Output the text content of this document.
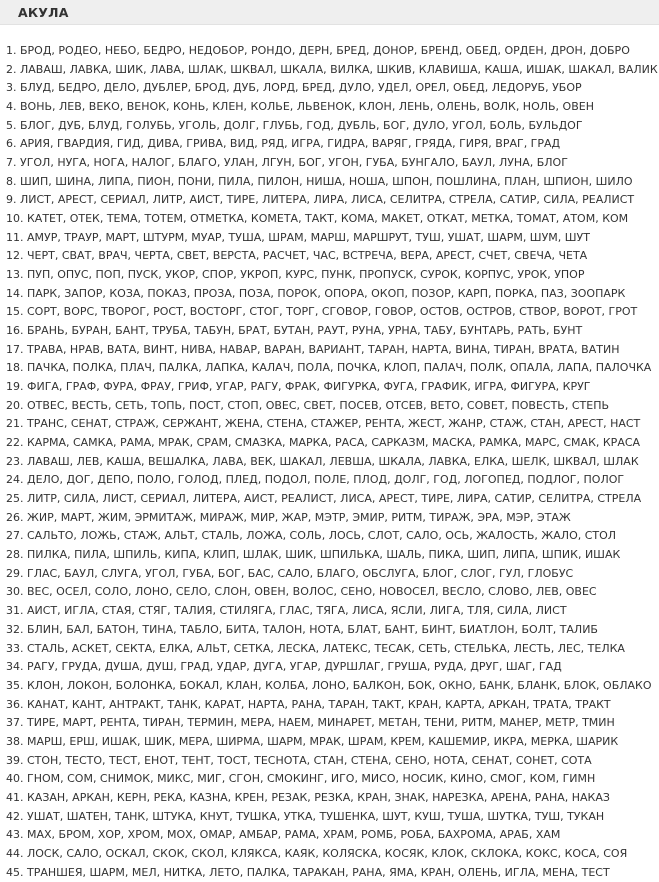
АКУЛА
1. БРОД, РОДЕО, НЕБО, БЕДРО, НЕДОБОР, РОНДО, ДЕРН, БРЕД, ДОНОР, БРЕНД, ОБЕД, ОРДЕН, ДРОН, ДОБРО
2. ЛАВАШ, ЛАВКА, ШИК, ЛАВА, ШЛАК, ШКВАЛ, ШКАЛА, ВИЛКА, ШКИВ, КЛАВИША, КАША, ИШАК, ШАКАЛ, ВАЛИК
3. БЛУД, БЕДРО, ДЕЛО, ДУБЛЕР, БРОД, ДУБ, ЛОРД, БРЕД, ДУЛО, УДЕЛ, ОРЕЛ, ОБЕД, ЛЕДОРУБ, УБОР
4. ВОНЬ, ЛЕВ, ВЕКО, ВЕНОК, КОНЬ, КЛЕН, КОЛЬЕ, ЛЬВЕНОК, КЛОН, ЛЕНЬ, ОЛЕНЬ, ВОЛК, НОЛЬ, ОВЕН
5. БЛОГ, ДУБ, БЛУД, ГОЛУБЬ, УГОЛЬ, ДОЛГ, ГЛУБЬ, ГОД, ДУБЛЬ, БОГ, ДУЛО, УГОЛ, БОЛЬ, БУЛЬДОГ
6. АРИЯ, ГВАРДИЯ, ГИД, ДИВА, ГРИВА, ВИД, РЯД, ИГРА, ГИДРА, ВАРЯГ, ГРЯДА, ГИРЯ, ВРАГ, ГРАД
7. УГОЛ, НУГА, НОГА, НАЛОГ, БЛАГО, УЛАН, ЛГУН, БОГ, УГОН, ГУБА, БУНГАЛО, БАУЛ, ЛУНА, БЛОГ
8. ШИП, ШИНА, ЛИПА, ПИОН, ПОНИ, ПИЛА, ПИЛОН, НИША, НОША, ШПОН, ПОШЛИНА, ПЛАН, ШПИОН, ШИЛО
9. ЛИСТ, АРЕСТ, СЕРИАЛ, ЛИТР, АИСТ, ТИРЕ, ЛИТЕРА, ЛИРА, ЛИСА, СЕЛИТРА, СТРЕЛА, САТИР, СИЛА, РЕАЛИСТ
10. КАТЕТ, ОТЕК, ТЕМА, ТОТЕМ, ОТМЕТКА, КОМЕТА, ТАКТ, КОМА, МАКЕТ, ОТКАТ, МЕТКА, ТОМАТ, АТОМ, КОМ
11. АМУР, ТРАУР, МАРТ, ШТУРМ, МУАР, ТУША, ШРАМ, МАРШ, МАРШРУТ, ТУШ, УШАТ, ШАРМ, ШУМ, ШУТ
12. ЧЕРТ, СВАТ, ВРАЧ, ЧЕРТА, СВЕТ, ВЕРСТА, РАСЧЕТ, ЧАС, ВСТРЕЧА, ВЕРА, АРЕСТ, СЧЕТ, СВЕЧА, ЧЕТА
13. ПУП, ОПУС, ПОП, ПУСК, УКОР, СПОР, УКРОП, КУРС, ПУНК, ПРОПУСК, СУРОК, КОРПУС, УРОК, УПОР
14. ПАРК, ЗАПОР, КОЗА, ПОКАЗ, ПРОЗА, ПОЗА, ПОРОК, ОПОРА, ОКОП, ПОЗОР, КАРП, ПОРКА, ПАЗ, ЗООПАРК
15. СОРТ, ВОРС, ТВОРОГ, РОСТ, ВОСТОРГ, СТОГ, ТОРГ, СГОВОР, ГОВОР, ОСТОВ, ОСТРОВ, СТВОР, ВОРОТ, ГРОТ
16. БРАНЬ, БУРАН, БАНТ, ТРУБА, ТАБУН, БРАТ, БУТАН, РАУТ, РУНА, УРНА, ТАБУ, БУНТАРЬ, РАТЬ, БУНТ
17. ТРАВА, НРАВ, ВАТА, ВИНТ, НИВА, НАВАР, ВАРАН, ВАРИАНТ, ТАРАН, НАРТА, ВИНА, ТИРАН, ВРАТА, ВАТИН
18. ПАЧКА, ПОЛКА, ПЛАЧ, ПАЛКА, ЛАПКА, КАЛАЧ, ПОЛА, ПОЧКА, КЛОП, ПАЛАЧ, ПОЛК, ОПАЛА, ЛАПА, ПАЛОЧКА
19. ФИГА, ГРАФ, ФУРА, ФРАУ, ГРИФ, УГАР, РАГУ, ФРАК, ФИГУРКА, ФУГА, ГРАФИК, ИГРА, ФИГУРА, КРУГ
20. ОТВЕС, ВЕСТЬ, СЕТЬ, ТОПЬ, ПОСТ, СТОП, ОВЕС, СВЕТ, ПОСЕВ, ОТСЕВ, ВЕТО, СОВЕТ, ПОВЕСТЬ, СТЕПЬ
21. ТРАНС, СЕНАТ, СТРАЖ, СЕРЖАНТ, ЖЕНА, СТЕНА, СТАЖЕР, РЕНТА, ЖЕСТ, ЖАНР, СТАЖ, СТАН, АРЕСТ, НАСТ
22. КАРМА, САМКА, РАМА, МРАК, СРАМ, СМАЗКА, МАРКА, РАСА, САРКАЗМ, МАСКА, РАМКА, МАРС, СМАК, КРАСА
23. ЛАВАШ, ЛЕВ, КАША, ВЕШАЛКА, ЛАВА, ВЕК, ШАКАЛ, ЛЕВША, ШКАЛА, ЛАВКА, ЕЛКА, ШЕЛК, ШКВАЛ, ШЛАК
24. ДЕЛО, ДОГ, ДЕПО, ПОЛО, ГОЛОД, ПЛЕД, ПОДОЛ, ПОЛЕ, ПЛОД, ДОЛГ, ГОД, ЛОГОПЕД, ПОДЛОГ, ПОЛОГ
25. ЛИТР, СИЛА, ЛИСТ, СЕРИАЛ, ЛИТЕРА, АИСТ, РЕАЛИСТ, ЛИСА, АРЕСТ, ТИРЕ, ЛИРА, САТИР, СЕЛИТРА, СТРЕЛА
26. ЖИР, МАРТ, ЖИМ, ЭРМИТАЖ, МИРАЖ, МИР, ЖАР, МЭТР, ЭМИР, РИТМ, ТИРАЖ, ЭРА, МЭР, ЭТАЖ
27. САЛЬТО, ЛОЖЬ, СТАЖ, АЛЬТ, СТАЛЬ, ЛОЖА, СОЛЬ, ЛОСЬ, СЛОТ, САЛО, ОСЬ, ЖАЛОСТЬ, ЖАЛО, СТОЛ
28. ПИЛКА, ПИЛА, ШПИЛЬ, КИПА, КЛИП, ШЛАК, ШИК, ШПИЛЬКА, ШАЛЬ, ПИКА, ШИП, ЛИПА, ШПИК, ИШАК
29. ГЛАС, БАУЛ, СЛУГА, УГОЛ, ГУБА, БОГ, БАС, САЛО, БЛАГО, ОБСЛУГА, БЛОГ, СЛОГ, ГУЛ, ГЛОБУС
30. ВЕС, ОСЕЛ, СОЛО, ЛОНО, СЕЛО, СЛОН, ОВЕН, ВОЛОС, СЕНО, НОВОСЕЛ, ВЕСЛО, СЛОВО, ЛЕВ, ОВЕС
31. АИСТ, ИГЛА, СТАЯ, СТЯГ, ТАЛИЯ, СТИЛЯГА, ГЛАС, ТЯГА, ЛИСА, ЯСЛИ, ЛИГА, ТЛЯ, СИЛА, ЛИСТ
32. БЛИН, БАЛ, БАТОН, ТИНА, ТАБЛО, БИТА, ТАЛОН, НОТА, БЛАТ, БАНТ, БИНТ, БИАТЛОН, БОЛТ, ТАЛИБ
33. СТАЛЬ, АСКЕТ, СЕКТА, ЕЛКА, АЛЬТ, СЕТКА, ЛЕСКА, ЛАТЕКС, ТЕСАК, СЕТЬ, СТЕЛЬКА, ЛЕСТЬ, ЛЕС, ТЕЛКА
34. РАГУ, ГРУДА, ДУША, ДУШ, ГРАД, УДАР, ДУГА, УГАР, ДУРШЛАГ, ГРУША, РУДА, ДРУГ, ШАГ, ГАД
35. КЛОН, ЛОКОН, БОЛОНКА, БОКАЛ, КЛАН, КОЛБА, ЛОНО, БАЛКОН, БОК, ОКНО, БАНК, БЛАНК, БЛОК, ОБЛАКО
36. КАНАТ, КАНТ, АНТРАКТ, ТАНК, КАРАТ, НАРТА, РАНА, ТАРАН, ТАКТ, КРАН, КАРТА, АРКАН, ТРАТА, ТРАКТ
37. ТИРЕ, МАРТ, РЕНТА, ТИРАН, ТЕРМИН, МЕРА, НАЕМ, МИНАРЕТ, МЕТАН, ТЕНИ, РИТМ, МАНЕР, МЕТР, ТМИН
38. МАРШ, ЕРШ, ИШАК, ШИК, МЕРА, ШИРМА, ШАРМ, МРАК, ШРАМ, КРЕМ, КАШЕМИР, ИКРА, МЕРКА, ШАРИК
39. СТОН, ТЕСТО, ТЕСТ, ЕНОТ, ТЕНТ, ТОСТ, ТЕСНОТА, СТАН, СТЕНА, СЕНО, НОТА, СЕНАТ, СОНЕТ, СОТА
40. ГНОМ, СОМ, СНИМОК, МИКС, МИГ, СГОН, СМОКИНГ, ИГО, МИСО, НОСИК, КИНО, СМОГ, КОМ, ГИМН
41. КАЗАН, АРКАН, КЕРН, РЕКА, КАЗНА, КРЕН, РЕЗАК, РЕЗКА, КРАН, ЗНАК, НАРЕЗКА, АРЕНА, РАНА, НАКАЗ
42. УШАТ, ШАТЕН, ТАНК, ШТУКА, КНУТ, ТУШКА, УТКА, ТУШЕНКА, ШУТ, КУШ, ТУША, ШУТКА, ТУШ, ТУКАН
43. МАХ, БРОМ, ХОР, ХРОМ, МОХ, ОМАР, АМБАР, РАМА, ХРАМ, РОМБ, РОБА, БАХРОМА, АРАБ, ХАМ
44. ЛОСК, САЛО, ОСКАЛ, СКОК, СКОЛ, КЛЯКСА, КАЯК, КОЛЯСКА, КОСЯК, КЛОК, СКЛОКА, КОКС, КОСА, СОЯ
45. ТРАНШЕЯ, ШАРМ, МЕЛ, НИТКА, ЛЕТО, ПАЛКА, ТАРАКАН, РАНА, ЯМА, КРАН, ОЛЕНЬ, ИГЛА, МЕНА, ТЕСТ
